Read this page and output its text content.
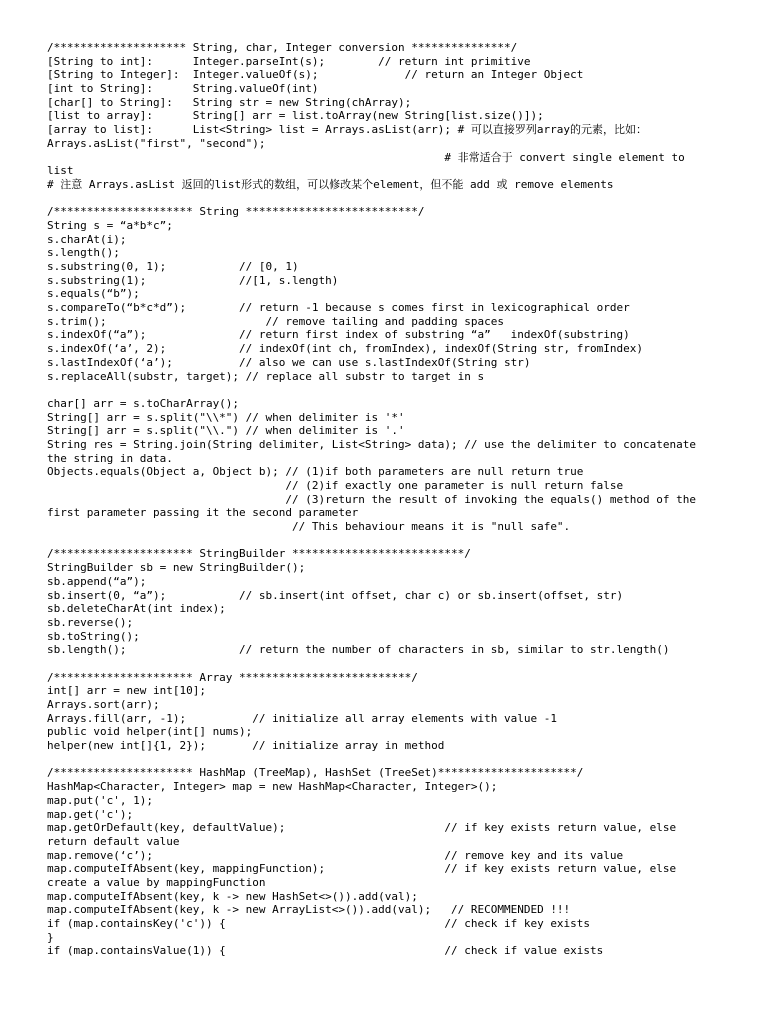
/******************** String, char, Integer conversion ***************/
[String to int]:      Integer.parseInt(s);        // return int primitive
[String to Integer]:  Integer.valueOf(s);             // return an Integer Object
[int to String]:      String.valueOf(int)
[char[] to String]:   String str = new String(chArray);
[list to array]:      String[] arr = list.toArray(new String[list.size()]);
[array to list]:      List<String> list = Arrays.asList(arr); # 可以直接罗列array的元素，比如：
Arrays.asList("first", "second");
# 非常适合于 convert single element to
list
# 注意 Arrays.asList 返回的list形式的数组，可以修改某个element，但不能 add 或 remove elements
/********************* String **************************/
String s = “a*b*c”;
s.charAt(i);
s.length();
s.substring(0, 1);           // [0, 1)
s.substring(1);              //[1, s.length)
s.equals(“b”);
s.compareTo(“b*c*d”);        // return -1 because s comes first in lexicographical order
s.trim();                        // remove tailing and padding spaces
s.indexOf(“a”);              // return first index of substring “a”   indexOf(substring)
s.indexOf(‘a’, 2);           // indexOf(int ch, fromIndex), indexOf(String str, fromIndex)
s.lastIndexOf(‘a’);          // also we can use s.lastIndexOf(String str)
s.replaceAll(substr, target); // replace all substr to target in s
char[] arr = s.toCharArray();
String[] arr = s.split("\\*") // when delimiter is '*'
String[] arr = s.split("\\.") // when delimiter is '.'
String res = String.join(String delimiter, List<String> data); // use the delimiter to concatenate
the string in data.
Objects.equals(Object a, Object b); // (1)if both parameters are null return true
// (2)if exactly one parameter is null return false
// (3)return the result of invoking the equals() method of the
first parameter passing it the second parameter
// This behaviour means it is "null safe".
/********************* StringBuilder **************************/
StringBuilder sb = new StringBuilder();
sb.append(“a”);
sb.insert(0, “a”);           // sb.insert(int offset, char c) or sb.insert(offset, str)
sb.deleteCharAt(int index);
sb.reverse();
sb.toString();
sb.length();                 // return the number of characters in sb, similar to str.length()
/********************* Array **************************/
int[] arr = new int[10];
Arrays.sort(arr);
Arrays.fill(arr, -1);          // initialize all array elements with value -1
public void helper(int[] nums);
helper(new int[]{1, 2});       // initialize array in method
/********************* HashMap (TreeMap), HashSet (TreeSet)*********************/
HashMap<Character, Integer> map = new HashMap<Character, Integer>();
map.put('c', 1);
map.get('c');
map.getOrDefault(key, defaultValue);                        // if key exists return value, else
return default value
map.remove(‘c’);                                            // remove key and its value
map.computeIfAbsent(key, mappingFunction);                  // if key exists return value, else
create a value by mappingFunction
map.computeIfAbsent(key, k -> new HashSet<>()).add(val);
map.computeIfAbsent(key, k -> new ArrayList<>()).add(val);   // RECOMMENDED !!!
if (map.containsKey('c')) {                                 // check if key exists
}
if (map.containsValue(1)) {                                 // check if value exists
